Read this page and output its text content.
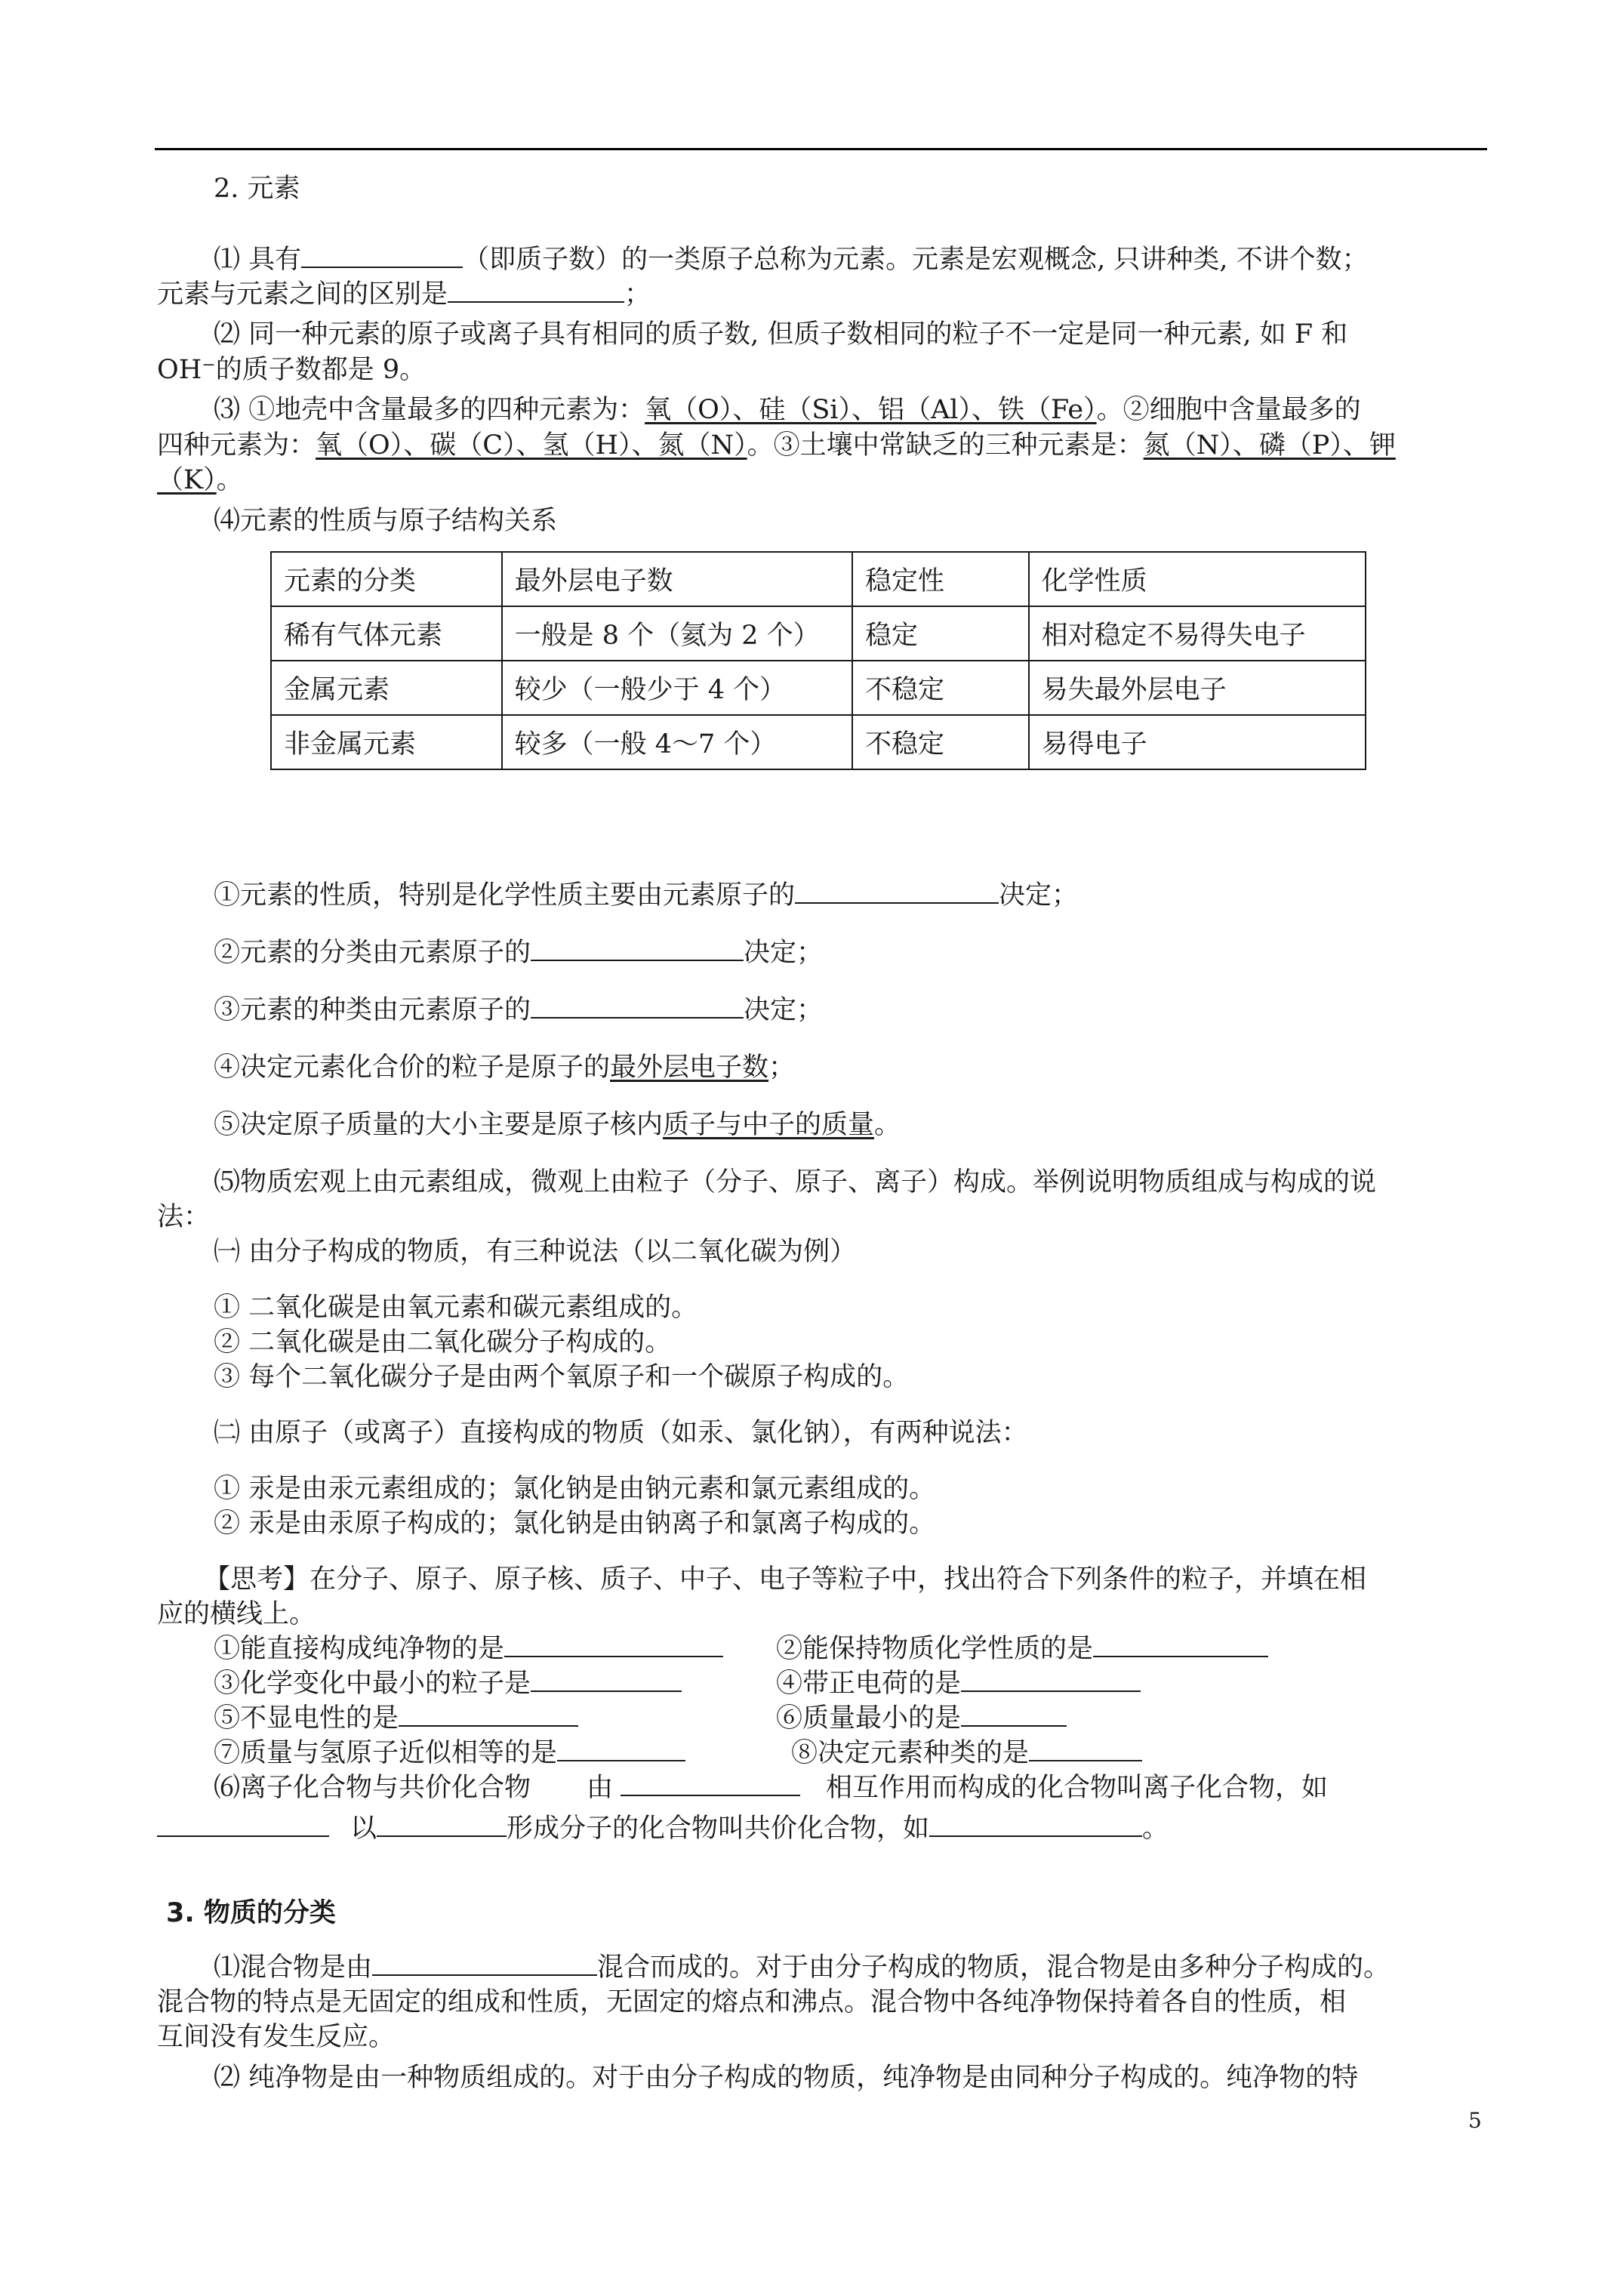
2. 元素
⑴ 具有	（即质子数）的一类原子总称为元素。元素是宏观概念, 只讲种类, 不讲个数；
元素与元素之间的区别是	；
⑵ 同一种元素的原子或离子具有相同的质子数, 但质子数相同的粒子不一定是同一种元素, 如 F 和
OH⁻的质子数都是 9。
⑶ ①地壳中含量最多的四种元素为：氧（O）、硅（Si）、铝（Al）、铁（Fe）。②细胞中含量最多的
四种元素为：氧（O）、碳（C）、氢（H）、氮（N）。③土壤中常缺乏的三种元素是：氮（N）、磷（P）、钾
（K）。
⑷元素的性质与原子结构关系
元素的分类	最外层电子数	稳定性	化学性质
稀有气体元素	一般是 8 个（氦为 2 个）	稳定	相对稳定不易得失电子
金属元素	较少（一般少于 4 个）	不稳定	易失最外层电子
非金属元素	较多（一般 4～7 个）	不稳定	易得电子
①元素的性质，特别是化学性质主要由元素原子的	决定；
②元素的分类由元素原子的	决定；
③元素的种类由元素原子的	决定；
④决定元素化合价的粒子是原子的最外层电子数；
⑤决定原子质量的大小主要是原子核内质子与中子的质量。
⑸物质宏观上由元素组成，微观上由粒子（分子、原子、离子）构成。举例说明物质组成与构成的说
法：
㈠ 由分子构成的物质，有三种说法（以二氧化碳为例）
① 二氧化碳是由氧元素和碳元素组成的。
② 二氧化碳是由二氧化碳分子构成的。
③ 每个二氧化碳分子是由两个氧原子和一个碳原子构成的。
㈡ 由原子（或离子）直接构成的物质（如汞、氯化钠），有两种说法：
① 汞是由汞元素组成的；氯化钠是由钠元素和氯元素组成的。
② 汞是由汞原子构成的；氯化钠是由钠离子和氯离子构成的。
【思考】在分子、原子、原子核、质子、中子、电子等粒子中，找出符合下列条件的粒子，并填在相
应的横线上。
①能直接构成纯净物的是	②能保持物质化学性质的是
③化学变化中最小的粒子是	④带正电荷的是
⑤不显电性的是	⑥质量最小的是
⑦质量与氢原子近似相等的是	⑧决定元素种类的是
⑹离子化合物与共价化合物 由	相互作用而构成的化合物叫离子化合物，如
以	形成分子的化合物叫共价化合物，如	。
3. 物质的分类
⑴混合物是由	混合而成的。对于由分子构成的物质，混合物是由多种分子构成的。
混合物的特点是无固定的组成和性质，无固定的熔点和沸点。混合物中各纯净物保持着各自的性质，相
互间没有发生反应。
⑵ 纯净物是由一种物质组成的。对于由分子构成的物质，纯净物是由同种分子构成的。纯净物的特
5
